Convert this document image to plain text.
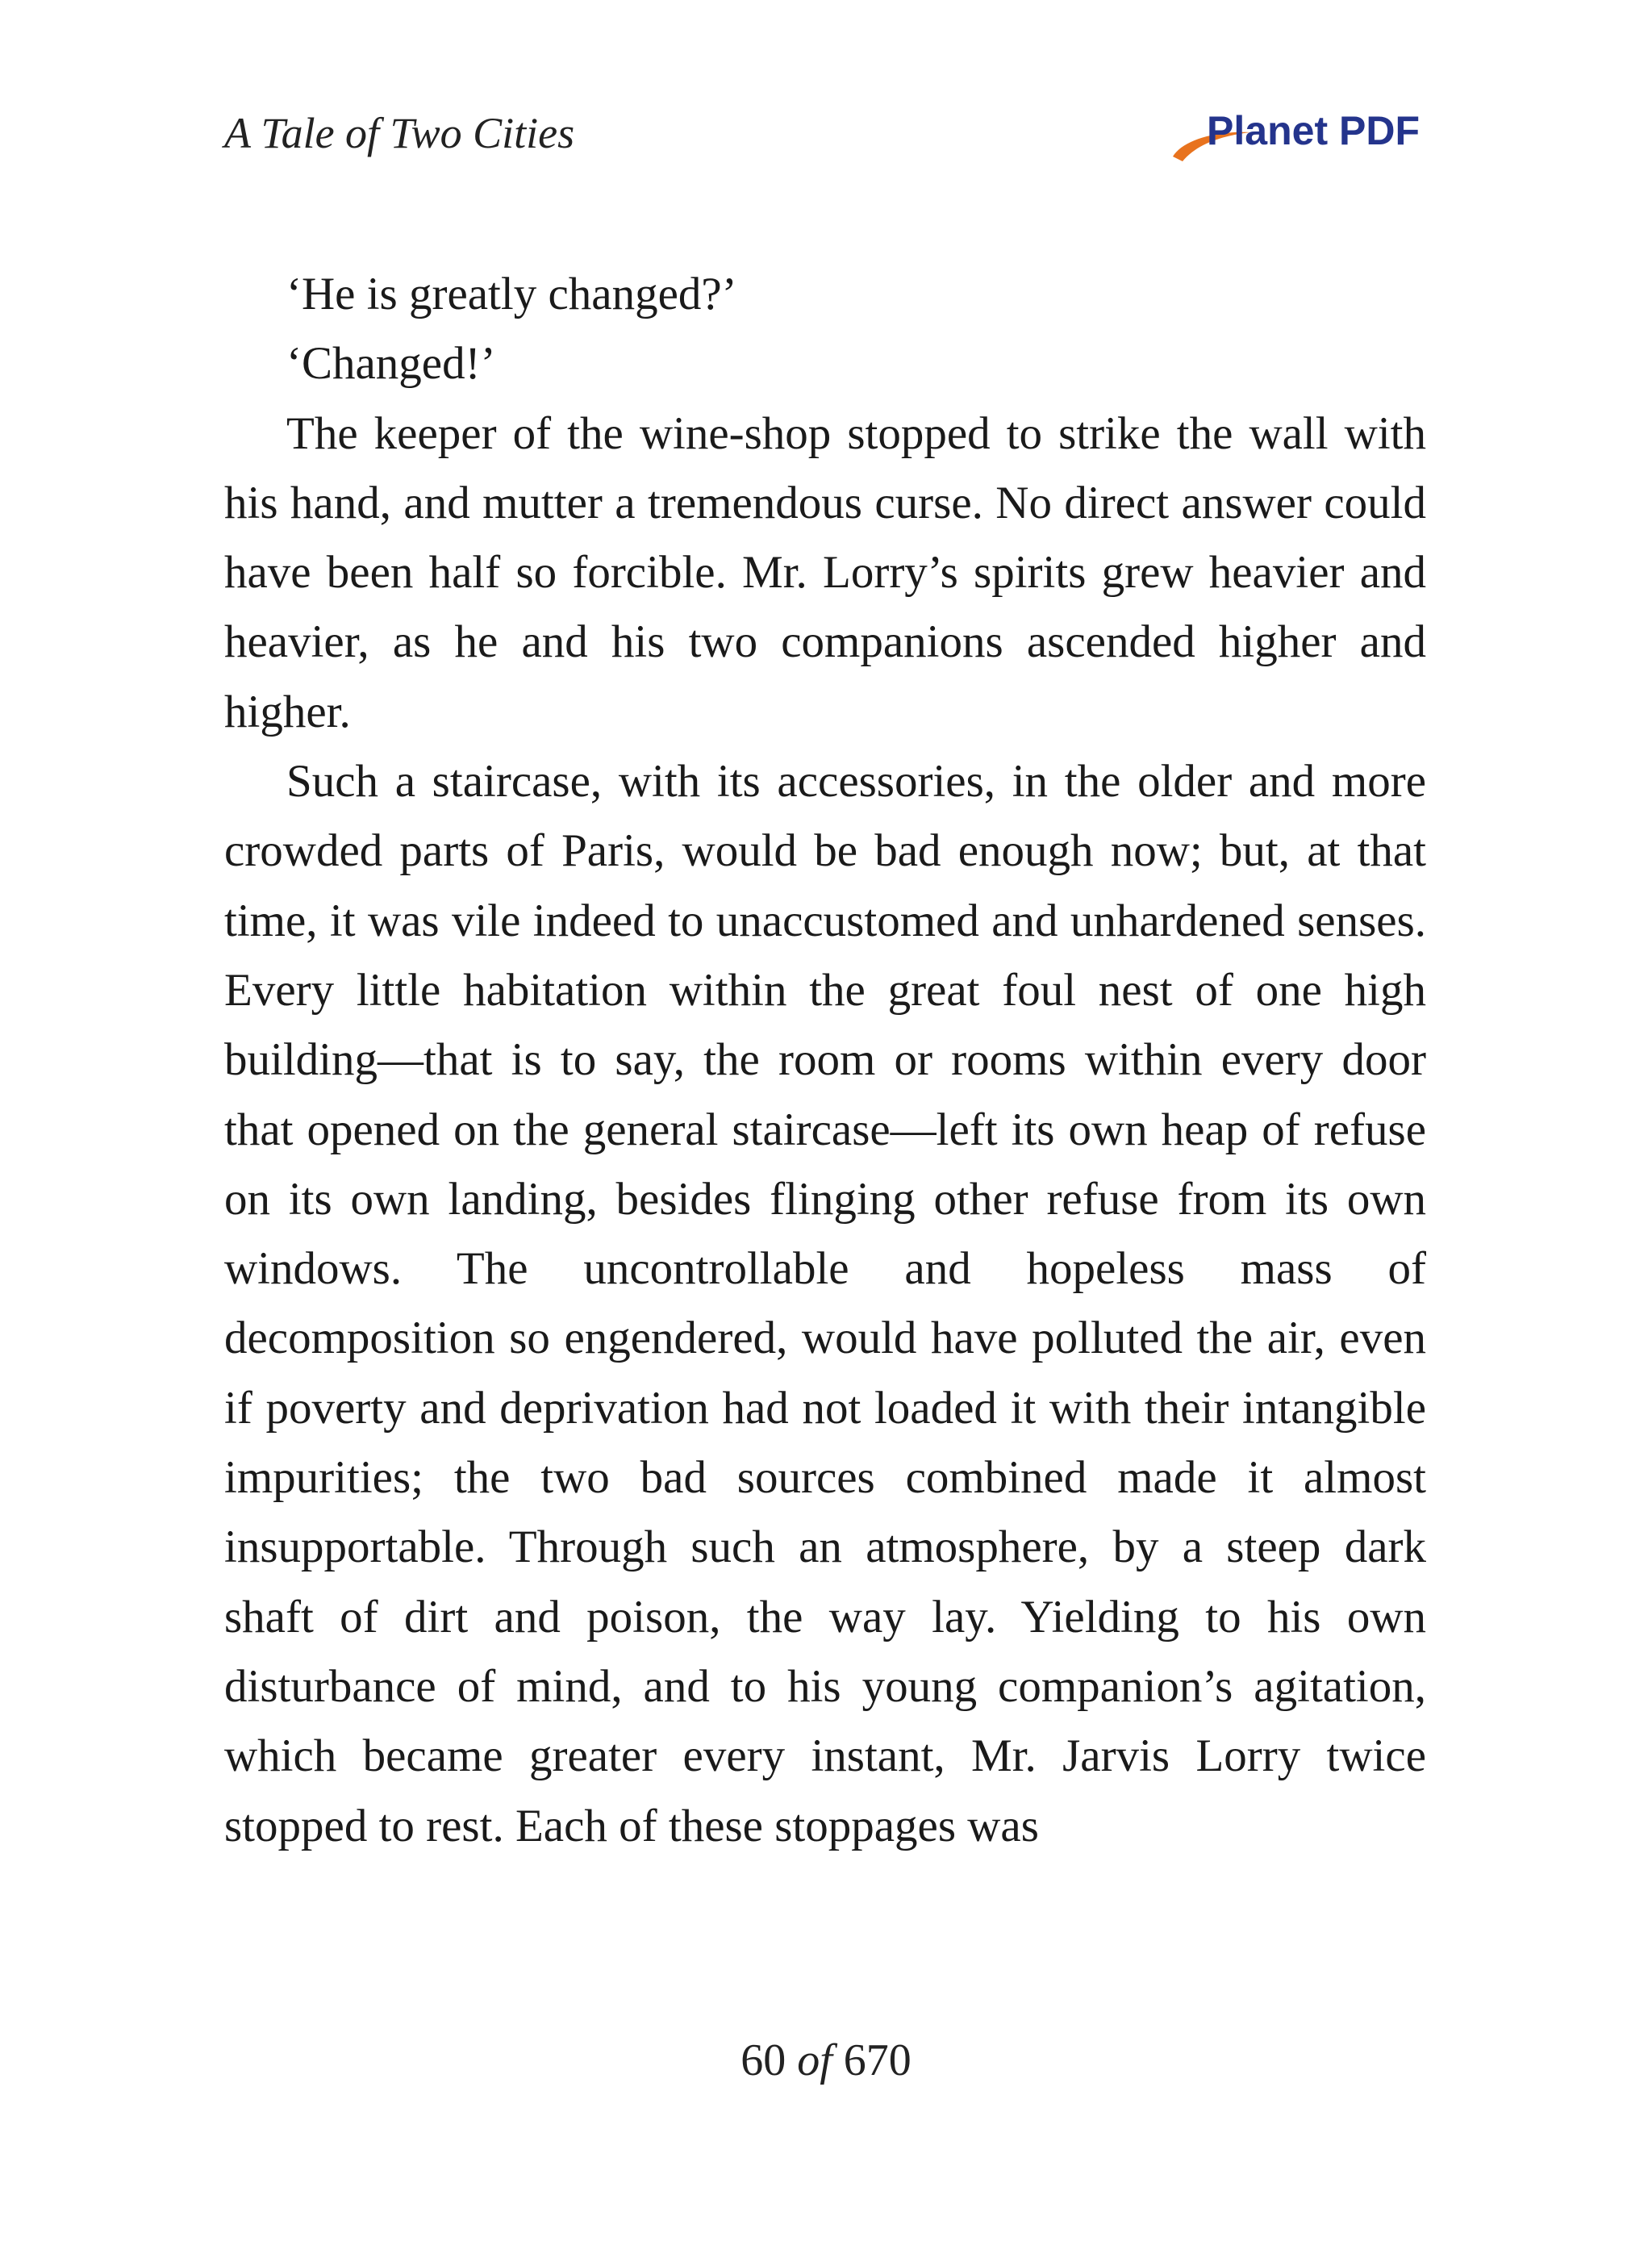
A Tale of Two Cities	Planet PDF

‘He is greatly changed?’

‘Changed!’

The keeper of the wine-shop stopped to strike the wall with his hand, and mutter a tremendous curse. No direct answer could have been half so forcible. Mr. Lorry’s spirits grew heavier and heavier, as he and his two companions ascended higher and higher.

Such a staircase, with its accessories, in the older and more crowded parts of Paris, would be bad enough now; but, at that time, it was vile indeed to unaccustomed and unhardened senses. Every little habitation within the great foul nest of one high building—that is to say, the room or rooms within every door that opened on the general staircase—left its own heap of refuse on its own landing, besides flinging other refuse from its own windows. The uncontrollable and hopeless mass of decomposition so engendered, would have polluted the air, even if poverty and deprivation had not loaded it with their intangible impurities; the two bad sources combined made it almost insupportable. Through such an atmosphere, by a steep dark shaft of dirt and poison, the way lay. Yielding to his own disturbance of mind, and to his young companion’s agitation, which became greater every instant, Mr. Jarvis Lorry twice stopped to rest. Each of these stoppages was

60 of 670
